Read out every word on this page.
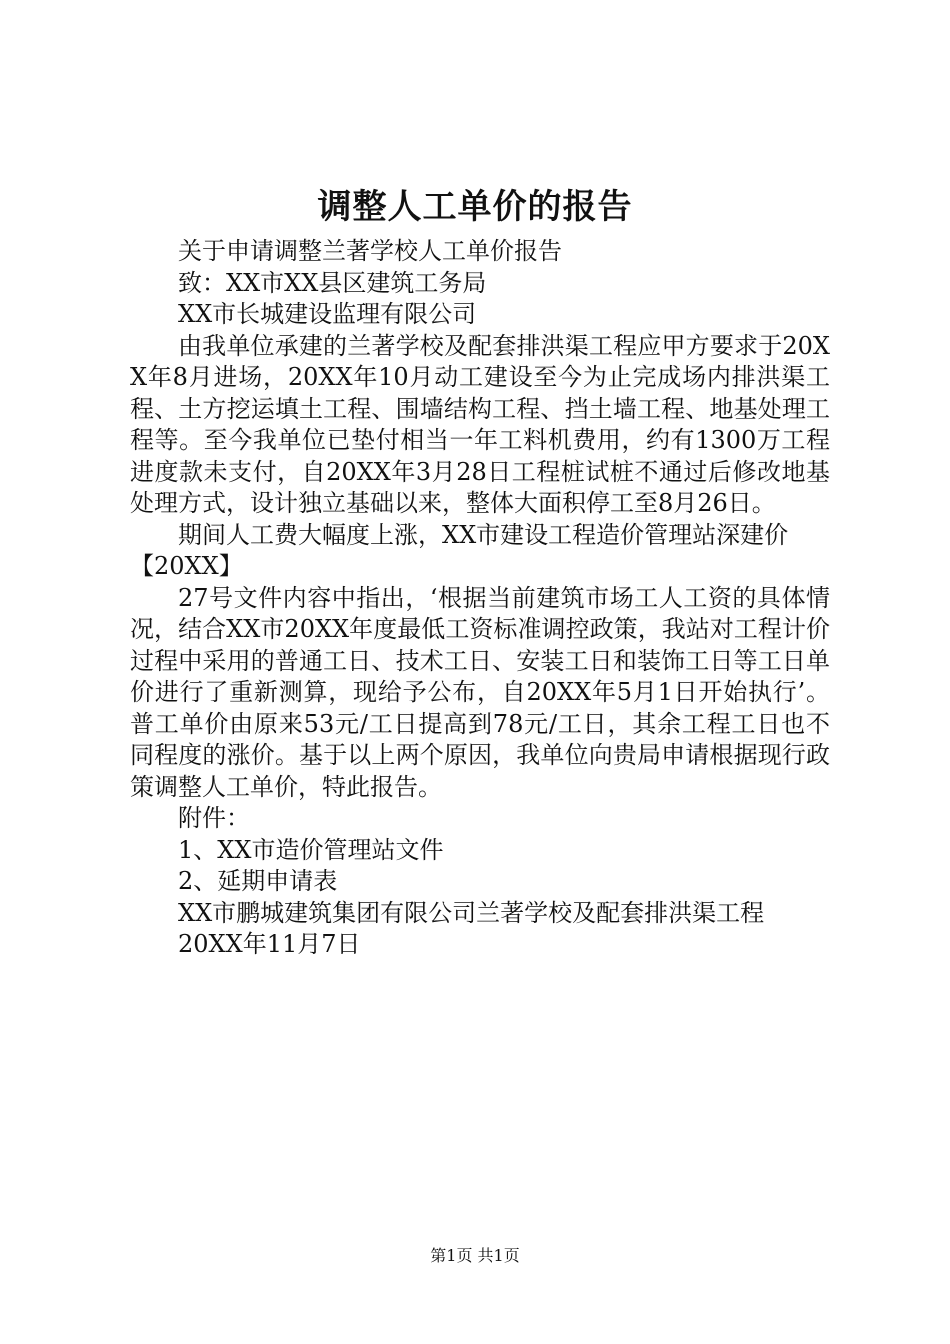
调整人工单价的报告
关于申请调整兰著学校人工单价报告
致：XX市XX县区建筑工务局
XX市长城建设监理有限公司

由我单位承建的兰著学校及配套排洪渠工程应甲方要求于20XX年8月进场，20XX年10月动工建设至今为止完成场内排洪渠工程、土方挖运填土工程、围墙结构工程、挡土墙工程、地基处理工程等。至今我单位已垫付相当一年工料机费用，约有1300万工程进度款未支付，自20XX年3月28日工程桩试桩不通过后修改地基处理方式，设计独立基础以来，整体大面积停工至8月26日。

期间人工费大幅度上涨，XX市建设工程造价管理站深建价

【20XX】

27号文件内容中指出，‘根据当前建筑市场工人工资的具体情况，结合XX市20XX年度最低工资标准调控政策，我站对工程计价过程中采用的普通工日、技术工日、安装工日和装饰工日等工日单价进行了重新测算，现给予公布，自20XX年5月1日开始执行’。普工单价由原来53元/工日提高到78元/工日，其余工程工日也不同程度的涨价。基于以上两个原因，我单位向贵局申请根据现行政策调整人工单价，特此报告。

附件：
1、XX市造价管理站文件
2、延期申请表
XX市鹏城建筑集团有限公司兰著学校及配套排洪渠工程
20XX年11月7日
第1页 共1页
